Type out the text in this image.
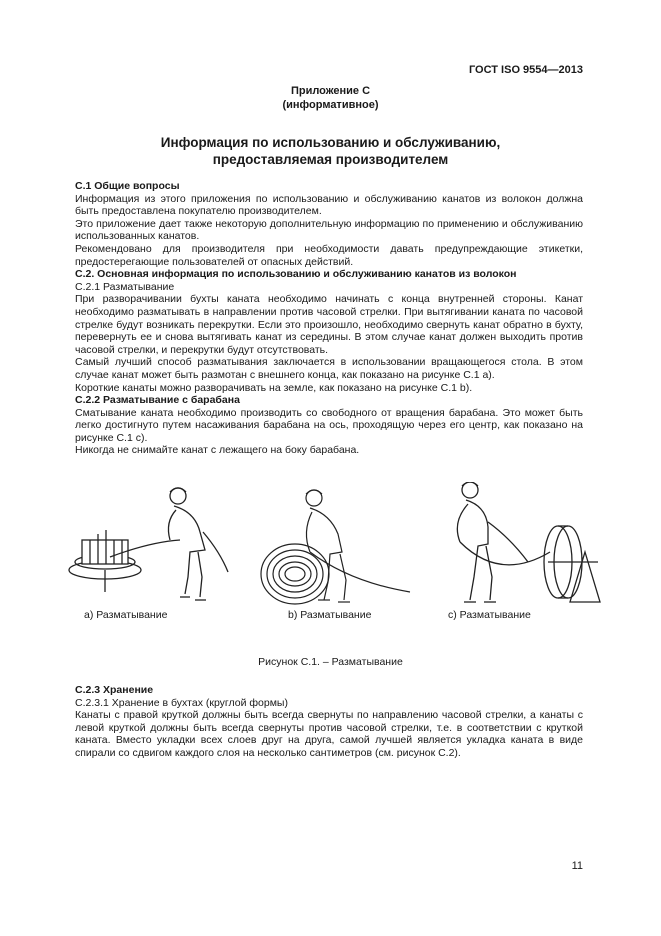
ГОСТ ISO 9554—2013
Приложение С
(информативное)
Информация по использованию и обслуживанию,
предоставляемая производителем

С.1 Общие вопросы

Информация из этого приложения по использованию и обслуживанию канатов из волокон должна быть предоставлена покупателю производителем.

Это приложение дает также некоторую дополнительную информацию по применению и обслуживанию использованных канатов.

Рекомендовано для производителя при необходимости давать предупреждающие этикетки, предостерегающие пользователей от опасных действий.

С.2. Основная информация по использованию и обслуживанию канатов из волокон

С.2.1 Разматывание

При разворачивании бухты каната необходимо начинать с конца внутренней стороны. Канат необходимо разматывать в направлении против часовой стрелки. При вытягивании каната по часовой стрелке будут возникать перекрутки. Если это произошло, необходимо свернуть канат обратно в бухту, перевернуть ее и снова вытягивать канат из середины. В этом случае канат должен выходить против часовой стрелки, и перекрутки будут отсутствовать.

Самый лучший способ разматывания заключается в использовании вращающегося стола. В этом случае канат может быть размотан с внешнего конца, как показано на рисунке С.1 а).

Короткие канаты можно разворачивать на земле, как показано на рисунке С.1 b).

С.2.2 Разматывание с барабана

Сматывание каната необходимо производить со свободного от вращения барабана. Это может быть легко достигнуто путем насаживания барабана на ось, проходящую через его центр, как показано на рисунке С.1 с).

Никогда не снимайте канат с лежащего на боку барабана.

а) Разматывание	b) Разматывание	с) Разматывание
Рисунок С.1. – Разматывание

С.2.3 Хранение

С.2.3.1 Хранение в бухтах (круглой формы)

Канаты с правой круткой должны быть всегда свернуты по направлению часовой стрелки, а канаты с левой круткой должны быть всегда свернуты против часовой стрелки, т.е. в соответствии с круткой каната. Вместо укладки всех слоев друг на друга, самой лучшей является укладка каната в виде спирали со сдвигом каждого слоя на несколько сантиметров (см. рисунок С.2).

11
